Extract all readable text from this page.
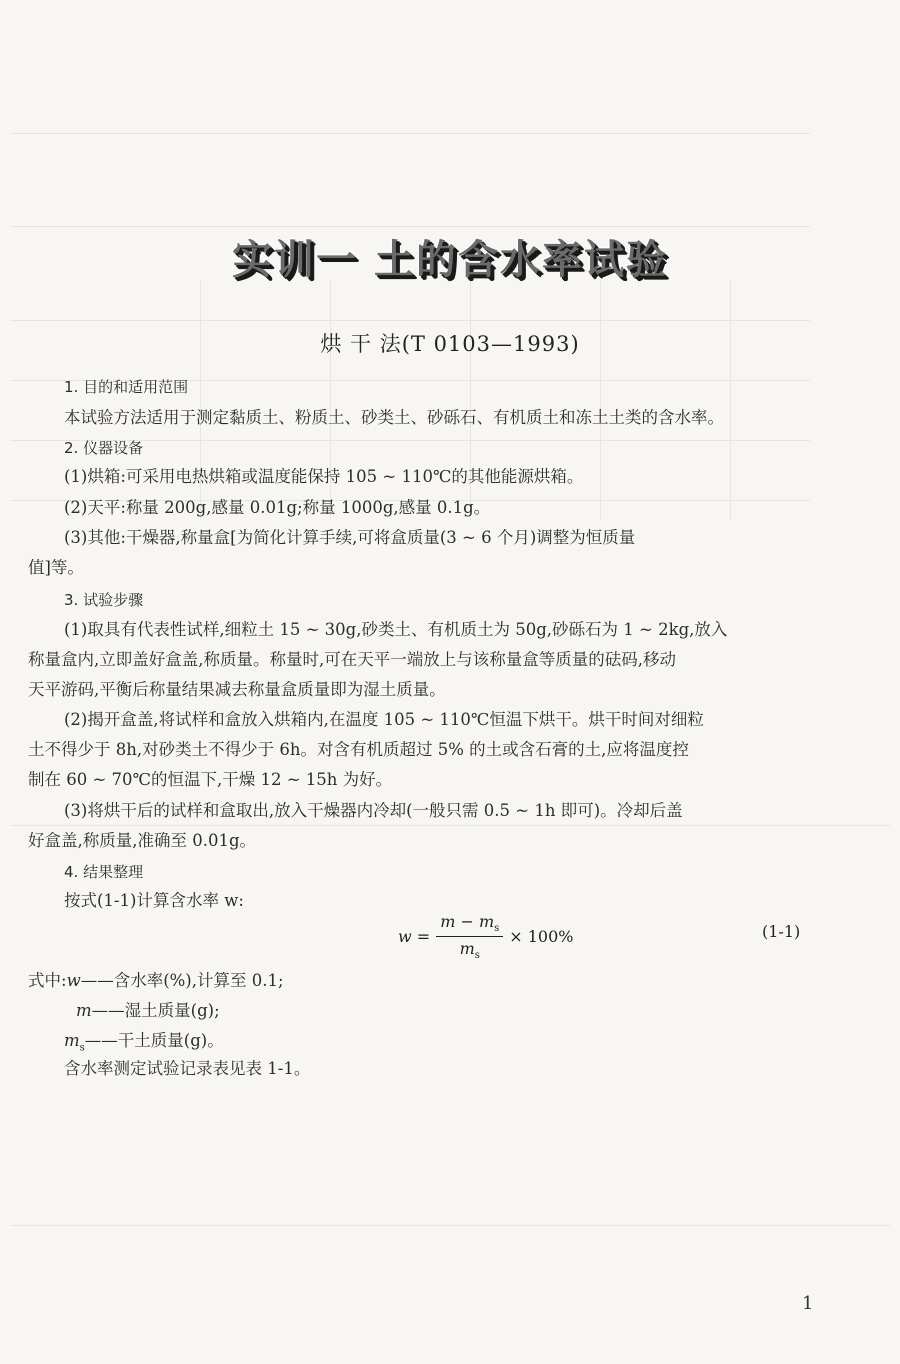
实训一 土的含水率试验
烘 干 法(T 0103—1993)
1. 目的和适用范围
本试验方法适用于测定黏质土、粉质土、砂类土、砂砾石、有机质土和冻土土类的含水率。
2. 仪器设备
(1)烘箱:可采用电热烘箱或温度能保持 105 ~ 110℃的其他能源烘箱。
(2)天平:称量 200g,感量 0.01g;称量 1000g,感量 0.1g。
(3)其他:干燥器,称量盒[为简化计算手续,可将盒质量(3 ~ 6 个月)调整为恒质量
值]等。
3. 试验步骤
(1)取具有代表性试样,细粒土 15 ~ 30g,砂类土、有机质土为 50g,砂砾石为 1 ~ 2kg,放入
称量盒内,立即盖好盒盖,称质量。称量时,可在天平一端放上与该称量盒等质量的砝码,移动
天平游码,平衡后称量结果减去称量盒质量即为湿土质量。
(2)揭开盒盖,将试样和盒放入烘箱内,在温度 105 ~ 110℃恒温下烘干。烘干时间对细粒
土不得少于 8h,对砂类土不得少于 6h。对含有机质超过 5% 的土或含石膏的土,应将温度控
制在 60 ~ 70℃的恒温下,干燥 12 ~ 15h 为好。
(3)将烘干后的试样和盒取出,放入干燥器内冷却(一般只需 0.5 ~ 1h 即可)。冷却后盖
好盒盖,称质量,准确至 0.01g。
4. 结果整理
按式(1-1)计算含水率 w:
$w = \frac{m - m_s}{m_s} \times 100\%$	(1-1)
式中:w——含水率(%),计算至 0.1;
m——湿土质量(g);
$m_s——$干土质量(g)。
含水率测定试验记录表见表 1-1。
1
